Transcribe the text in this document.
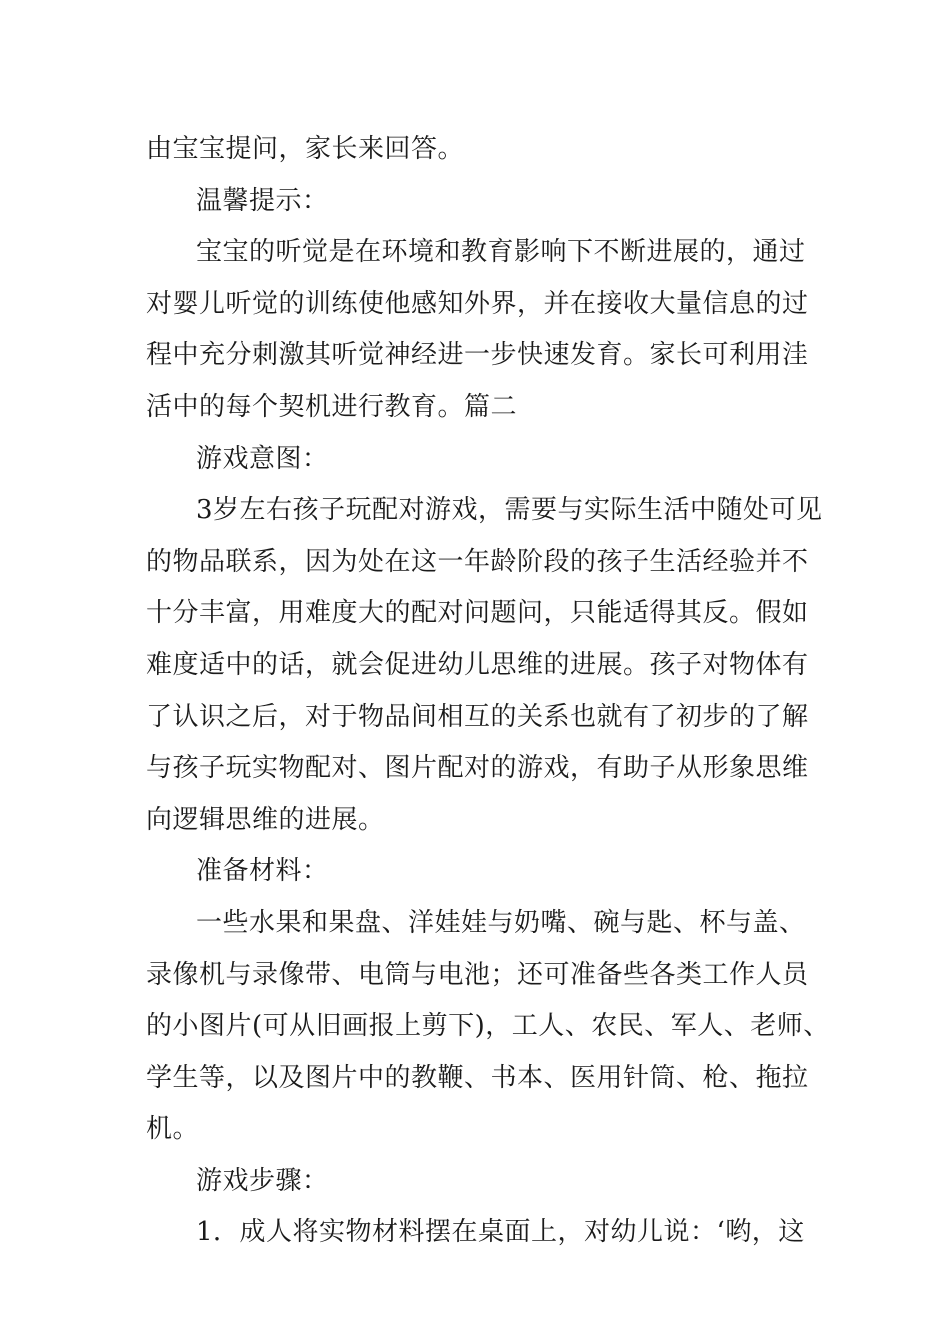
由宝宝提问，家长来回答。
温馨提示：
宝宝的听觉是在环境和教育影响下不断进展的，通过
对婴儿听觉的训练使他感知外界，并在接收大量信息的过
程中充分刺激其听觉神经进一步快速发育。家长可利用洼
活中的每个契机进行教育。篇二
游戏意图：
3岁左右孩子玩配对游戏，需要与实际生活中随处可见
的物品联系，因为处在这一年龄阶段的孩子生活经验并不
十分丰富，用难度大的配对问题问，只能适得其反。假如
难度适中的话，就会促进幼儿思维的进展。孩子对物体有
了认识之后，对于物品间相互的关系也就有了初步的了解
与孩子玩实物配对、图片配对的游戏，有助子从形象思维
向逻辑思维的进展。
准备材料：
一些水果和果盘、洋娃娃与奶嘴、碗与匙、杯与盖、
录像机与录像带、电筒与电池；还可准备些各类工作人员
的小图片(可从旧画报上剪下)，工人、农民、军人、老师、
学生等，以及图片中的教鞭、书本、医用针筒、枪、拖拉
机。
游戏步骤：
1．成人将实物材料摆在桌面上，对幼儿说：‘哟，这
